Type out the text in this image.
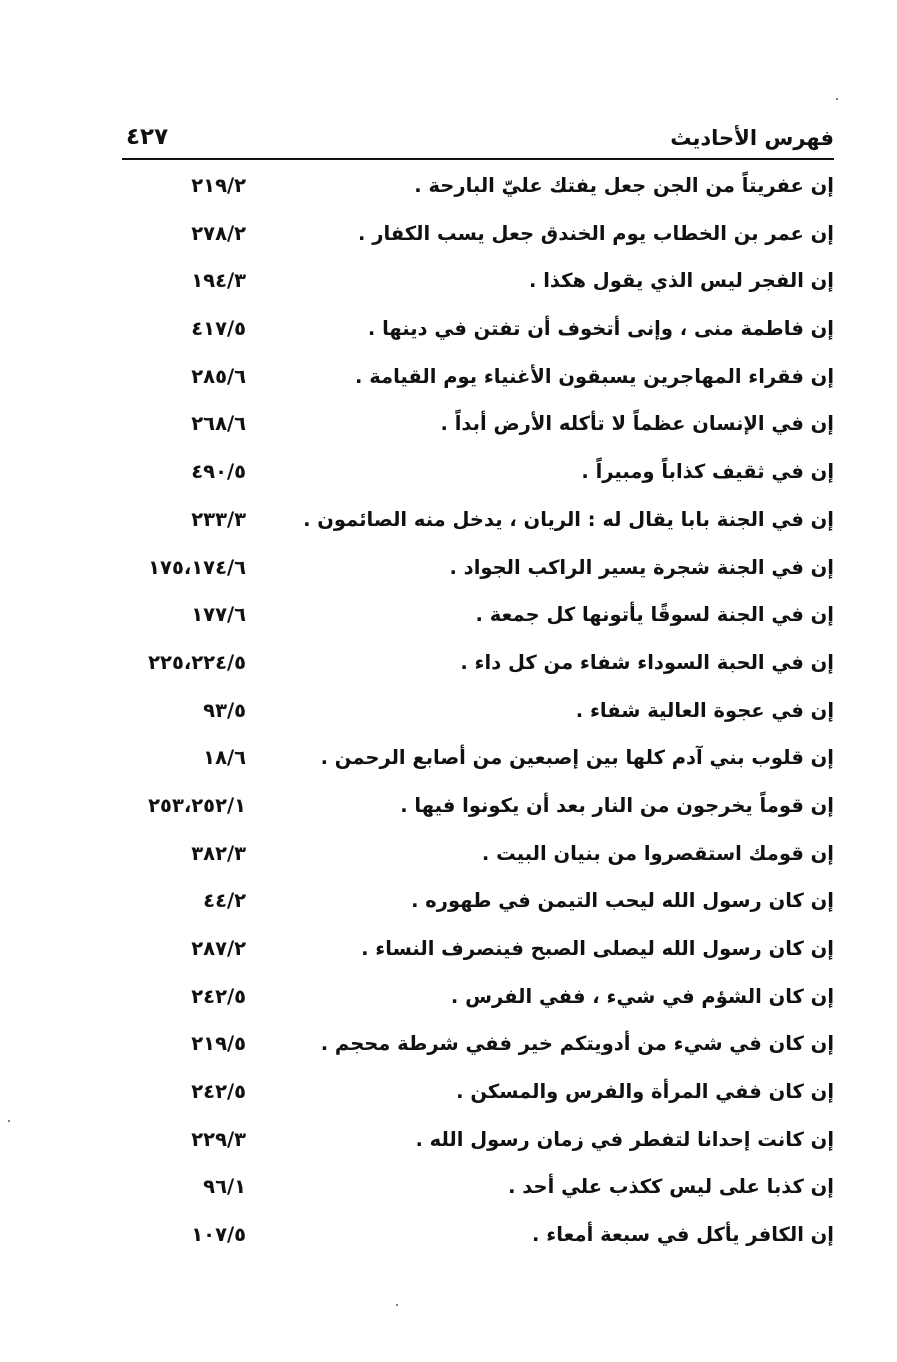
فهرس الأحاديث
٤٢٧
إن عفريتاً من الجن جعل يفتك عليّ البارحة .
٢١٩/٢
إن عمر بن الخطاب يوم الخندق جعل يسب الكفار .
٢٧٨/٢
إن الفجر ليس الذي يقول هكذا .
١٩٤/٣
إن فاطمة منى ، وإنى أتخوف أن تفتن في دينها .
٤١٧/٥
إن فقراء المهاجرين يسبقون الأغنياء يوم القيامة .
٢٨٥/٦
إن في الإنسان عظماً لا تأكله الأرض أبداً .
٢٦٨/٦
إن في ثقيف كذاباً ومبيراً .
٤٩٠/٥
إن في الجنة بابا يقال له : الريان ، يدخل منه الصائمون .
٢٣٣/٣
إن في الجنة شجرة يسير الراكب الجواد .
١٧٥،١٧٤/٦
إن في الجنة لسوقًا يأتونها كل جمعة .
١٧٧/٦
إن في الحبة السوداء شفاء من كل داء .
٢٢٥،٢٢٤/٥
إن في عجوة العالية شفاء .
٩٣/٥
إن قلوب بني آدم كلها بين إصبعين من أصابع الرحمن .
١٨/٦
إن قوماً يخرجون من النار بعد أن يكونوا فيها .
٢٥٣،٢٥٢/١
إن قومك استقصروا من بنيان البيت .
٣٨٢/٣
إن كان رسول الله ليحب التيمن في طهوره .
٤٤/٢
إن كان رسول الله ليصلى الصبح فينصرف النساء .
٢٨٧/٢
إن كان الشؤم في شيء ، ففي الفرس .
٢٤٢/٥
إن كان في شيء من أدويتكم خير ففي شرطة محجم .
٢١٩/٥
إن كان ففي المرأة والفرس والمسكن .
٢٤٢/٥
إن كانت إحدانا لتفطر في زمان رسول الله .
٢٢٩/٣
إن كذبا على ليس ككذب علي أحد .
٩٦/١
إن الكافر يأكل في سبعة أمعاء .
١٠٧/٥
